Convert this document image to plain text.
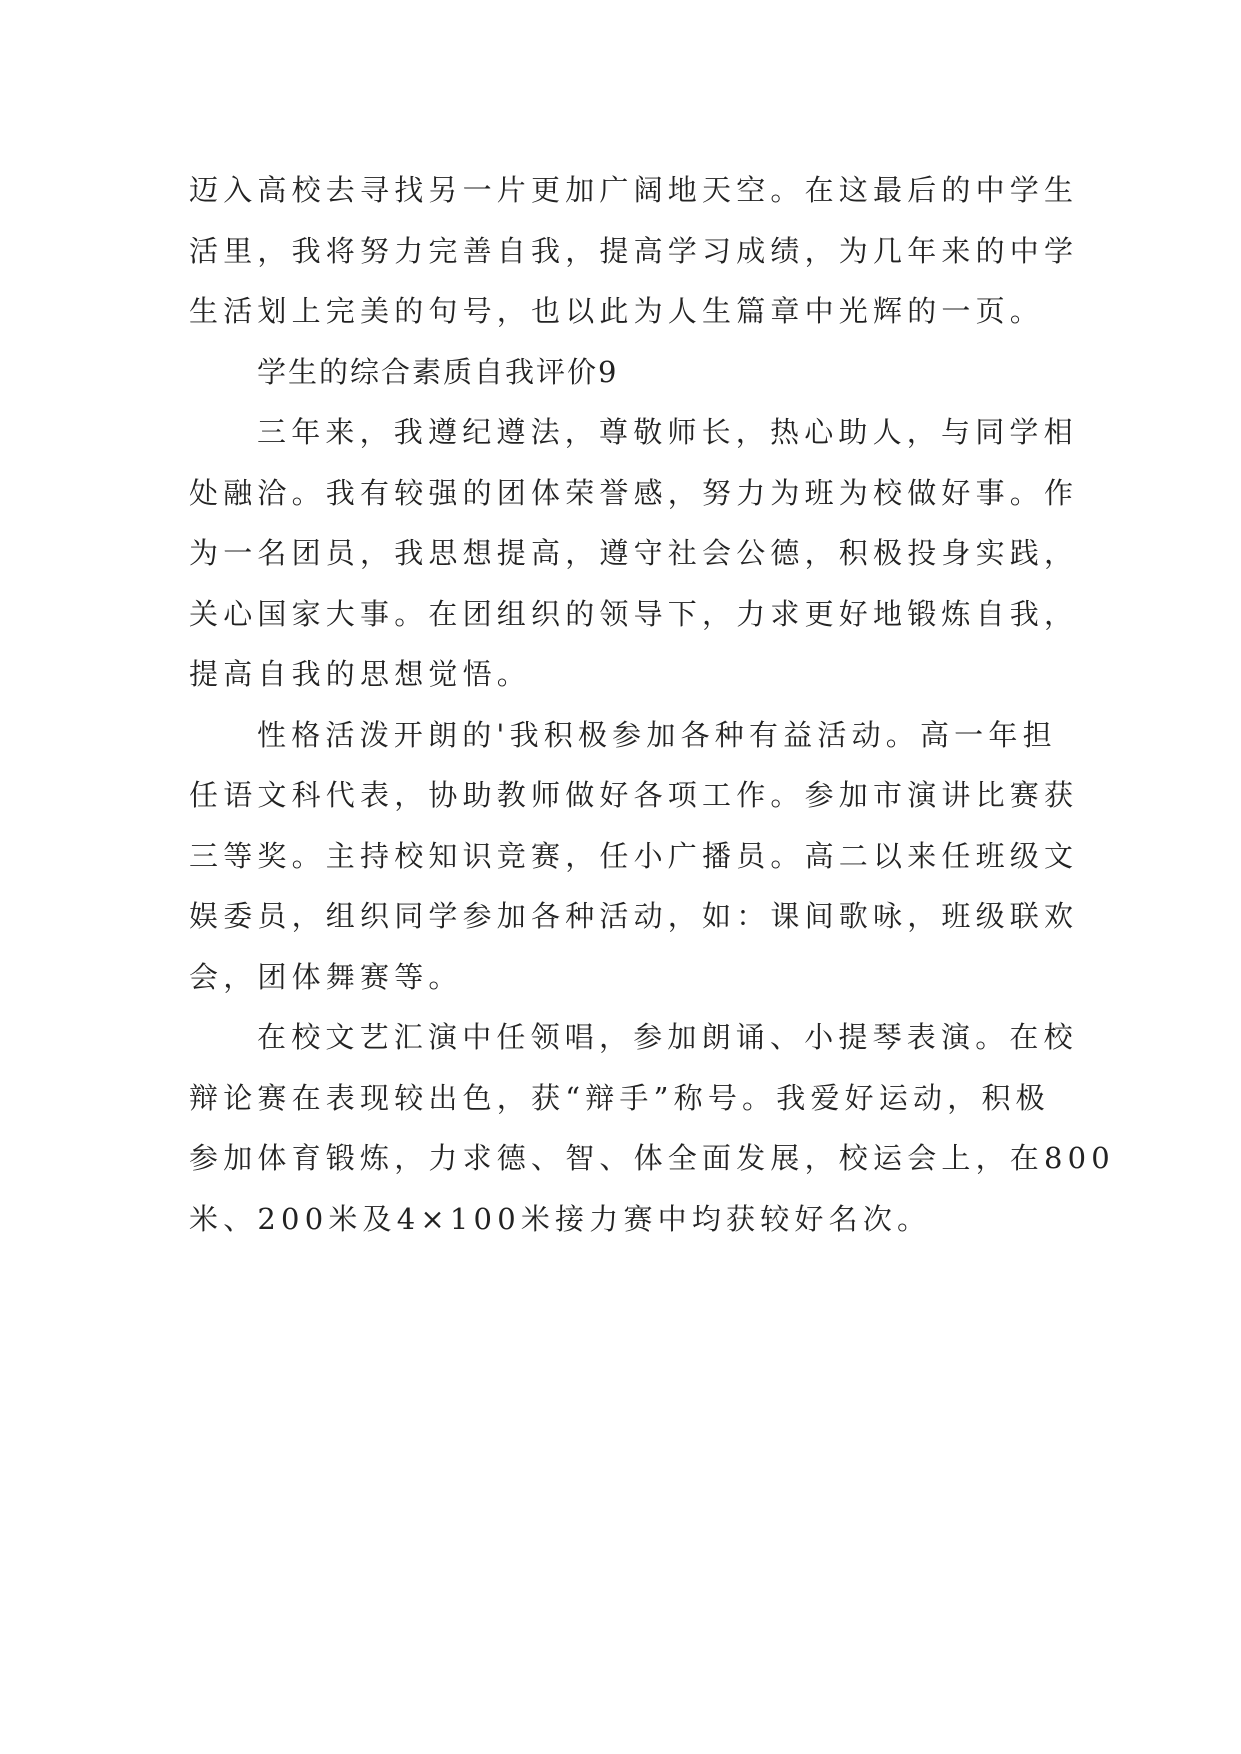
迈入高校去寻找另一片更加广阔地天空。在这最后的中学生
活里，我将努力完善自我，提高学习成绩，为几年来的中学
生活划上完美的句号，也以此为人生篇章中光辉的一页。
学生的综合素质自我评价9
三年来，我遵纪遵法，尊敬师长，热心助人，与同学相
处融洽。我有较强的团体荣誉感，努力为班为校做好事。作
为一名团员，我思想提高，遵守社会公德，积极投身实践，
关心国家大事。在团组织的领导下，力求更好地锻炼自我，
提高自我的思想觉悟。
性格活泼开朗的'我积极参加各种有益活动。高一年担
任语文科代表，协助教师做好各项工作。参加市演讲比赛获
三等奖。主持校知识竞赛，任小广播员。高二以来任班级文
娱委员，组织同学参加各种活动，如：课间歌咏，班级联欢
会，团体舞赛等。
在校文艺汇演中任领唱，参加朗诵、小提琴表演。在校
辩论赛在表现较出色，获“辩手”称号。我爱好运动，积极
参加体育锻炼，力求德、智、体全面发展，校运会上，在800
米、200米及4×100米接力赛中均获较好名次。
